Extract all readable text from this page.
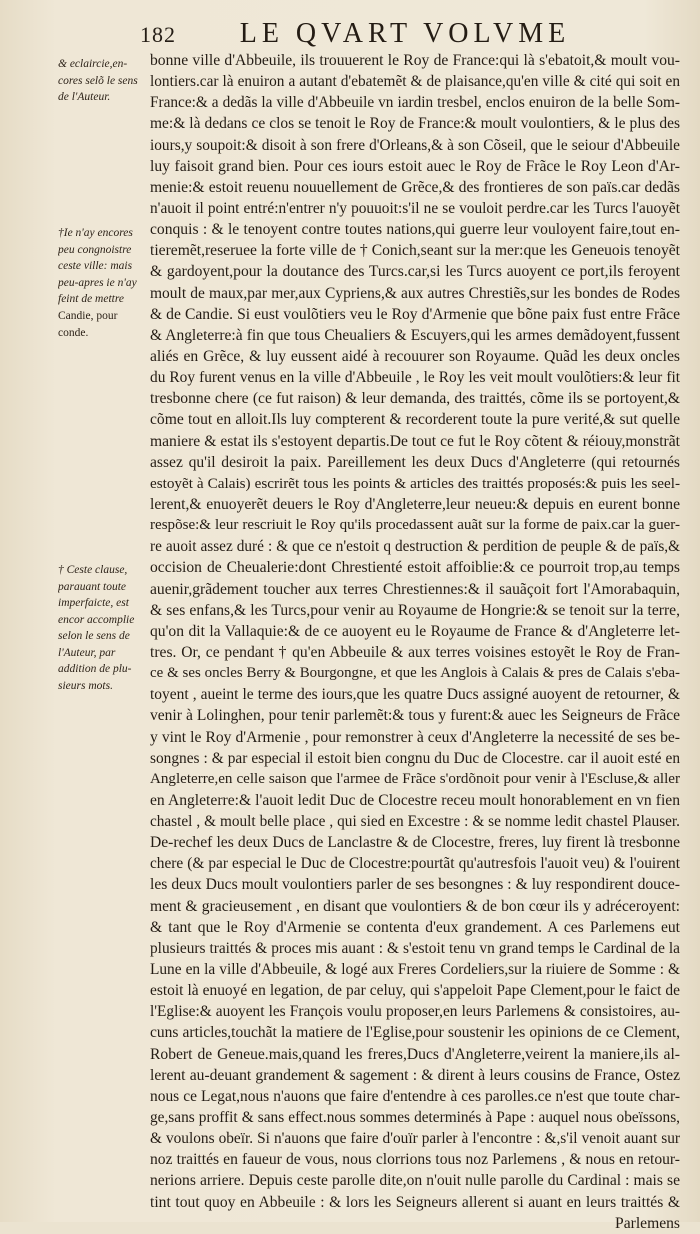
182	LE QVART VOLVME
& eclaircie,en-
cores selõ le sens
de l'Auteur.
†Ie n'ay encores
peu congnoistre
ceste ville: mais
peu-apres ie n'ay
feint de mettre
Candie, pour
conde.
† Ceste clause,
parauant toute
imperfaicte, est
encor accomplie
selon le sens de
l'Auteur, par
addition de plu-
sieurs mots.
bonne ville d'Abbeuile, ils trouuerent le Roy de France:qui là s'ebatoit,& moult vou-
lontiers.car là enuiron a autant d'ebatemẽt & de plaisance,qu'en ville & cité qui soit en
France:& a dedãs la ville d'Abbeuile vn iardin tresbel, enclos enuiron de la belle Som-
me:& là dedans ce clos se tenoit le Roy de France:& moult voulontiers, & le plus des
iours,y soupoit:& disoit à son frere d'Orleans,& à son Cõseil, que le seiour d'Abbeuile
luy faisoit grand bien. Pour ces iours estoit auec le Roy de Frãce le Roy Leon d'Ar-
menie:& estoit reuenu nouuellement de Grẽce,& des frontieres de son païs.car dedãs
n'auoit il point entré:n'entrer n'y pouuoit:s'il ne se vouloit perdre.car les Turcs l'auoyẽt
conquis : & le tenoyent contre toutes nations,qui guerre leur vouloyent faire,tout en-
tieremẽt,reseruee la forte ville de † Conich,seant sur la mer:que les Geneuois tenoyẽt
& gardoyent,pour la doutance des Turcs.car,si les Turcs auoyent ce port,ils feroyent
moult de maux,par mer,aux Cypriens,& aux autres Chrestiẽs,sur les bondes de Rodes
& de Candie. Si eust voulõtiers veu le Roy d'Armenie que bõne paix fust entre Frãce
& Angleterre:à fin que tous Cheualiers & Escuyers,qui les armes demãdoyent,fussent
aliés en Grẽce, & luy eussent aidé à recouurer son Royaume. Quãd les deux oncles
du Roy furent venus en la ville d'Abbeuile , le Roy les veit moult voulõtiers:& leur fit
tresbonne chere (ce fut raison) & leur demanda, des traittés, cõme ils se portoyent,&
cõme tout en alloit.Ils luy compterent & recorderent toute la pure verité,& sut quelle
maniere & estat ils s'estoyent departis.De tout ce fut le Roy cõtent & réiouy,monstrãt
assez qu'il desiroit la paix. Pareillement les deux Ducs d'Angleterre (qui retournés
estoyẽt à Calais) escrirẽt tous les points & articles des traittés proposés:& puis les seel-
lerent,& enuoyerẽt deuers le Roy d'Angleterre,leur neueu:& depuis en eurent bonne
respõse:& leur rescriuit le Roy qu'ils procedassent auãt sur la forme de paix.car la guer-
re auoit assez duré : & que ce n'estoit q destruction & perdition de peuple & de païs,&
occision de Cheualerie:dont Chrestienté estoit affoiblie:& ce pourroit trop,au temps
auenir,grãdement toucher aux terres Chrestiennes:& il sauãçoit fort l'Amorabaquin,
& ses enfans,& les Turcs,pour venir au Royaume de Hongrie:& se tenoit sur la terre,
qu'on dit la Vallaquie:& de ce auoyent eu le Royaume de France & d'Angleterre let-
tres. Or, ce pendant † qu'en Abbeuile & aux terres voisines estoyẽt le Roy de Fran-
ce & ses oncles Berry & Bourgongne, et que les Anglois à Calais & pres de Calais s'eba-
toyent , aueint le terme des iours,que les quatre Ducs assigné auoyent de retourner, &
venir à Lolinghen, pour tenir parlemẽt:& tous y furent:& auec les Seigneurs de Frãce
y vint le Roy d'Armenie , pour remonstrer à ceux d'Angleterre la necessité de ses be-
songnes : & par especial il estoit bien congnu du Duc de Clocestre. car il auoit esté en
Angleterre,en celle saison que l'armee de Frãce s'ordõnoit pour venir à l'Escluse,& aller
en Angleterre:& l'auoit ledit Duc de Clocestre receu moult honorablement en vn fien
chastel , & moult belle place , qui sied en Excestre : & se nomme ledit chastel Plauser.
De-rechef les deux Ducs de Lanclastre & de Clocestre, freres, luy firent là tresbonne
chere (& par especial le Duc de Clocestre:pourtãt qu'autresfois l'auoit veu) & l'ouirent
les deux Ducs moult voulontiers parler de ses besongnes : & luy respondirent douce-
ment & gracieusement , en disant que voulontiers & de bon cœur ils y adréceroyent:
& tant que le Roy d'Armenie se contenta d'eux grandement. A ces Parlemens eut
plusieurs traittés & proces mis auant : & s'estoit tenu vn grand temps le Cardinal de la
Lune en la ville d'Abbeuile, & logé aux Freres Cordeliers,sur la riuiere de Somme : &
estoit là enuoyé en legation, de par celuy, qui s'appeloit Pape Clement,pour le faict de
l'Eglise:& auoyent les François voulu proposer,en leurs Parlemens & consistoires, au-
cuns articles,touchãt la matiere de l'Eglise,pour soustenir les opinions de ce Clement,
Robert de Geneue.mais,quand les freres,Ducs d'Angleterre,veirent la maniere,ils al-
lerent au-deuant grandement & sagement : & dirent à leurs cousins de France, Ostez
nous ce Legat,nous n'auons que faire d'entendre à ces parolles.ce n'est que toute char-
ge,sans proffit & sans effect.nous sommes determinés à Pape : auquel nous obeïssons,
& voulons obeïr. Si n'auons que faire d'ouïr parler à l'encontre : &,s'il venoit auant sur
noz traittés en faueur de vous, nous clorrions tous noz Parlemens , & nous en retour-
nerions arriere. Depuis ceste parolle dite,on n'ouit nulle parolle du Cardinal : mais se
tint tout quoy en Abbeuile : & lors les Seigneurs allerent si auant en leurs traittés &
Parlemens
